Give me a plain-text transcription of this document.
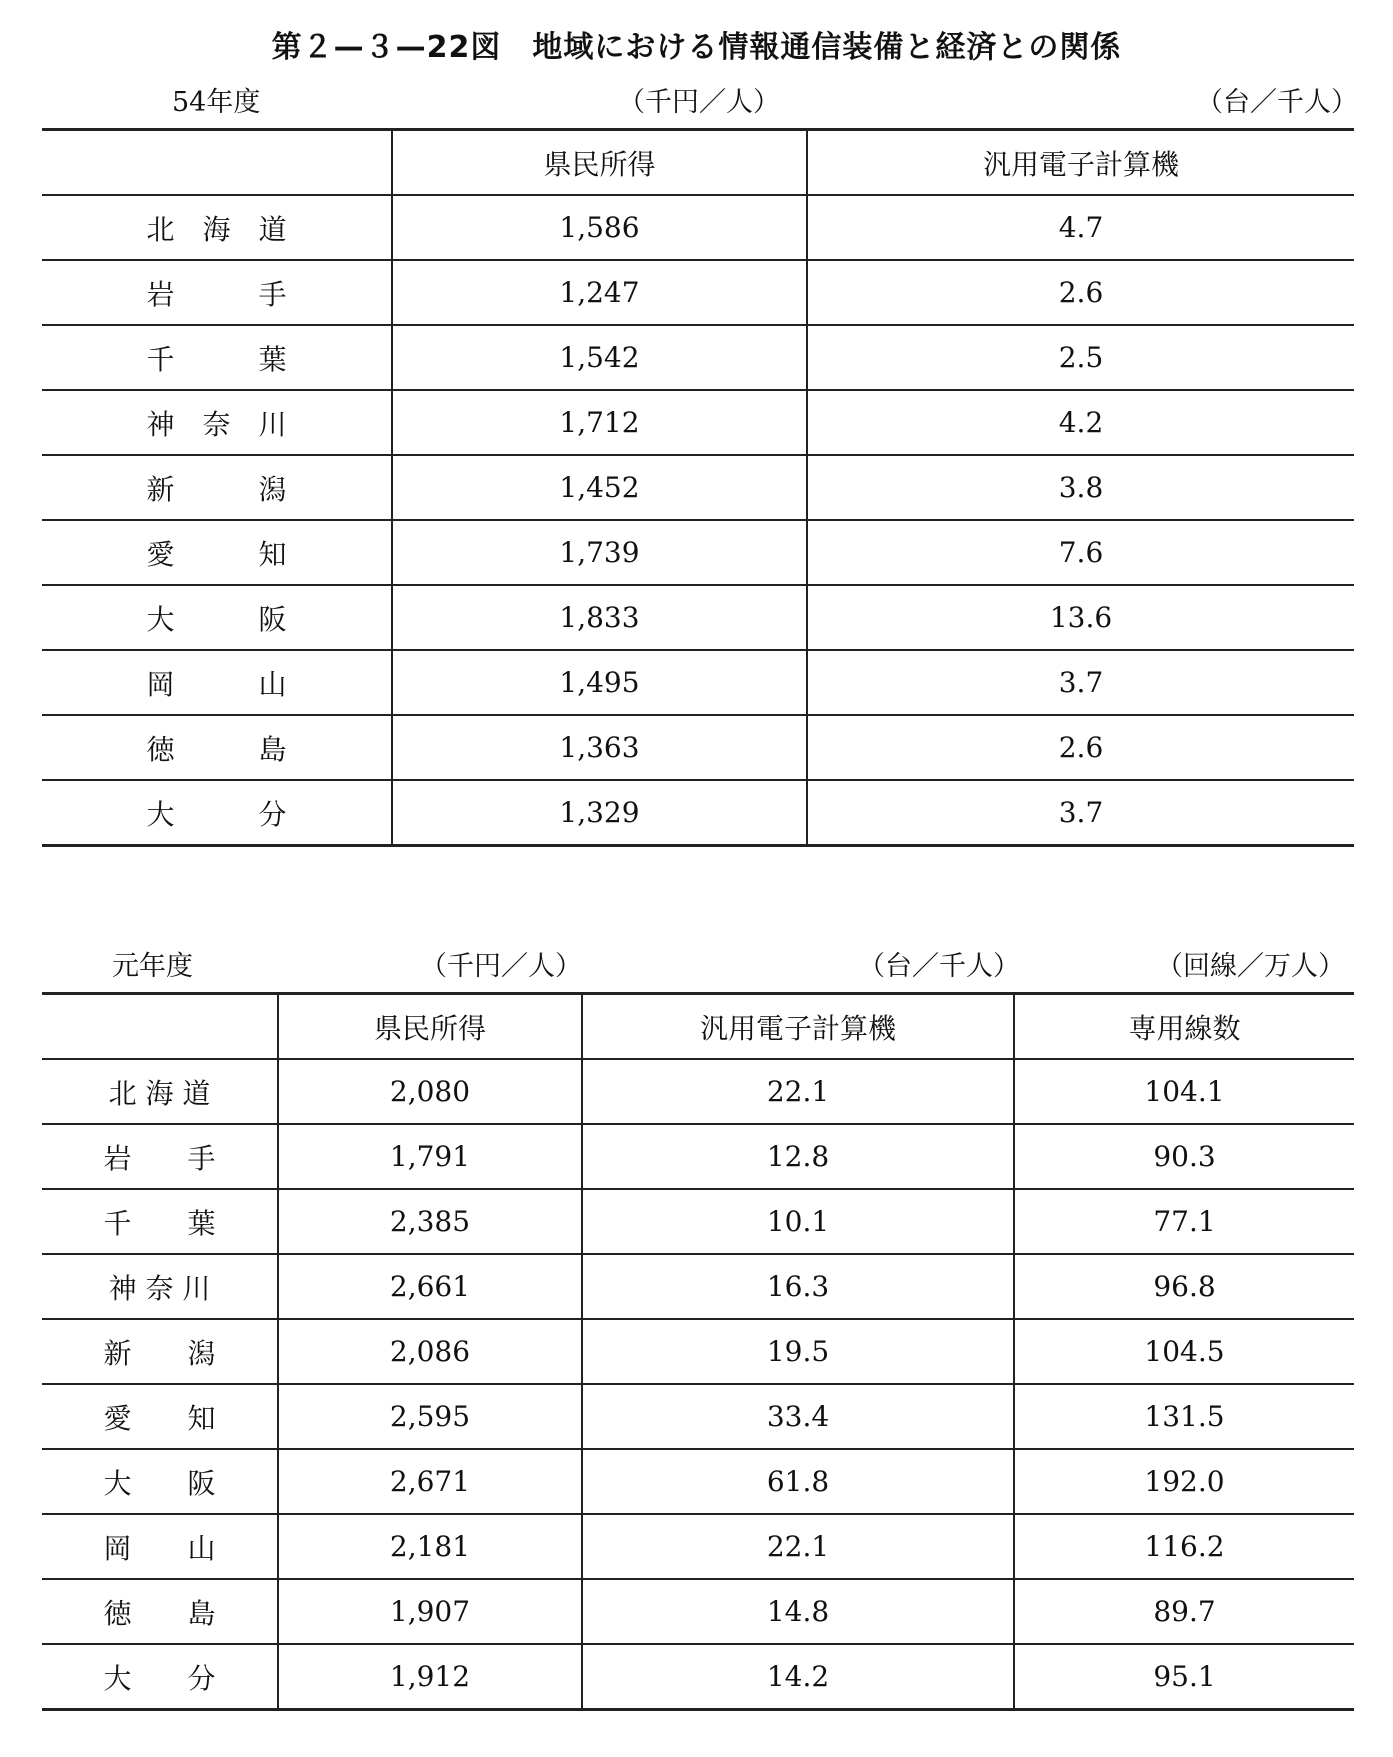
第２—３—22図　地域における情報通信装備と経済との関係
54年度	（千円／人）	（台／千人）
	県民所得	汎用電子計算機
北　海　道	1,586	4.7
岩　　　手	1,247	2.6
千　　　葉	1,542	2.5
神　奈　川	1,712	4.2
新　　　潟	1,452	3.8
愛　　　知	1,739	7.6
大　　　阪	1,833	13.6
岡　　　山	1,495	3.7
徳　　　島	1,363	2.6
大　　　分	1,329	3.7
元年度	（千円／人）	（台／千人）	（回線／万人）
	県民所得	汎用電子計算機	専用線数
北 海 道	2,080	22.1	104.1
岩　　手	1,791	12.8	90.3
千　　葉	2,385	10.1	77.1
神 奈 川	2,661	16.3	96.8
新　　潟	2,086	19.5	104.5
愛　　知	2,595	33.4	131.5
大　　阪	2,671	61.8	192.0
岡　　山	2,181	22.1	116.2
徳　　島	1,907	14.8	89.7
大　　分	1,912	14.2	95.1
